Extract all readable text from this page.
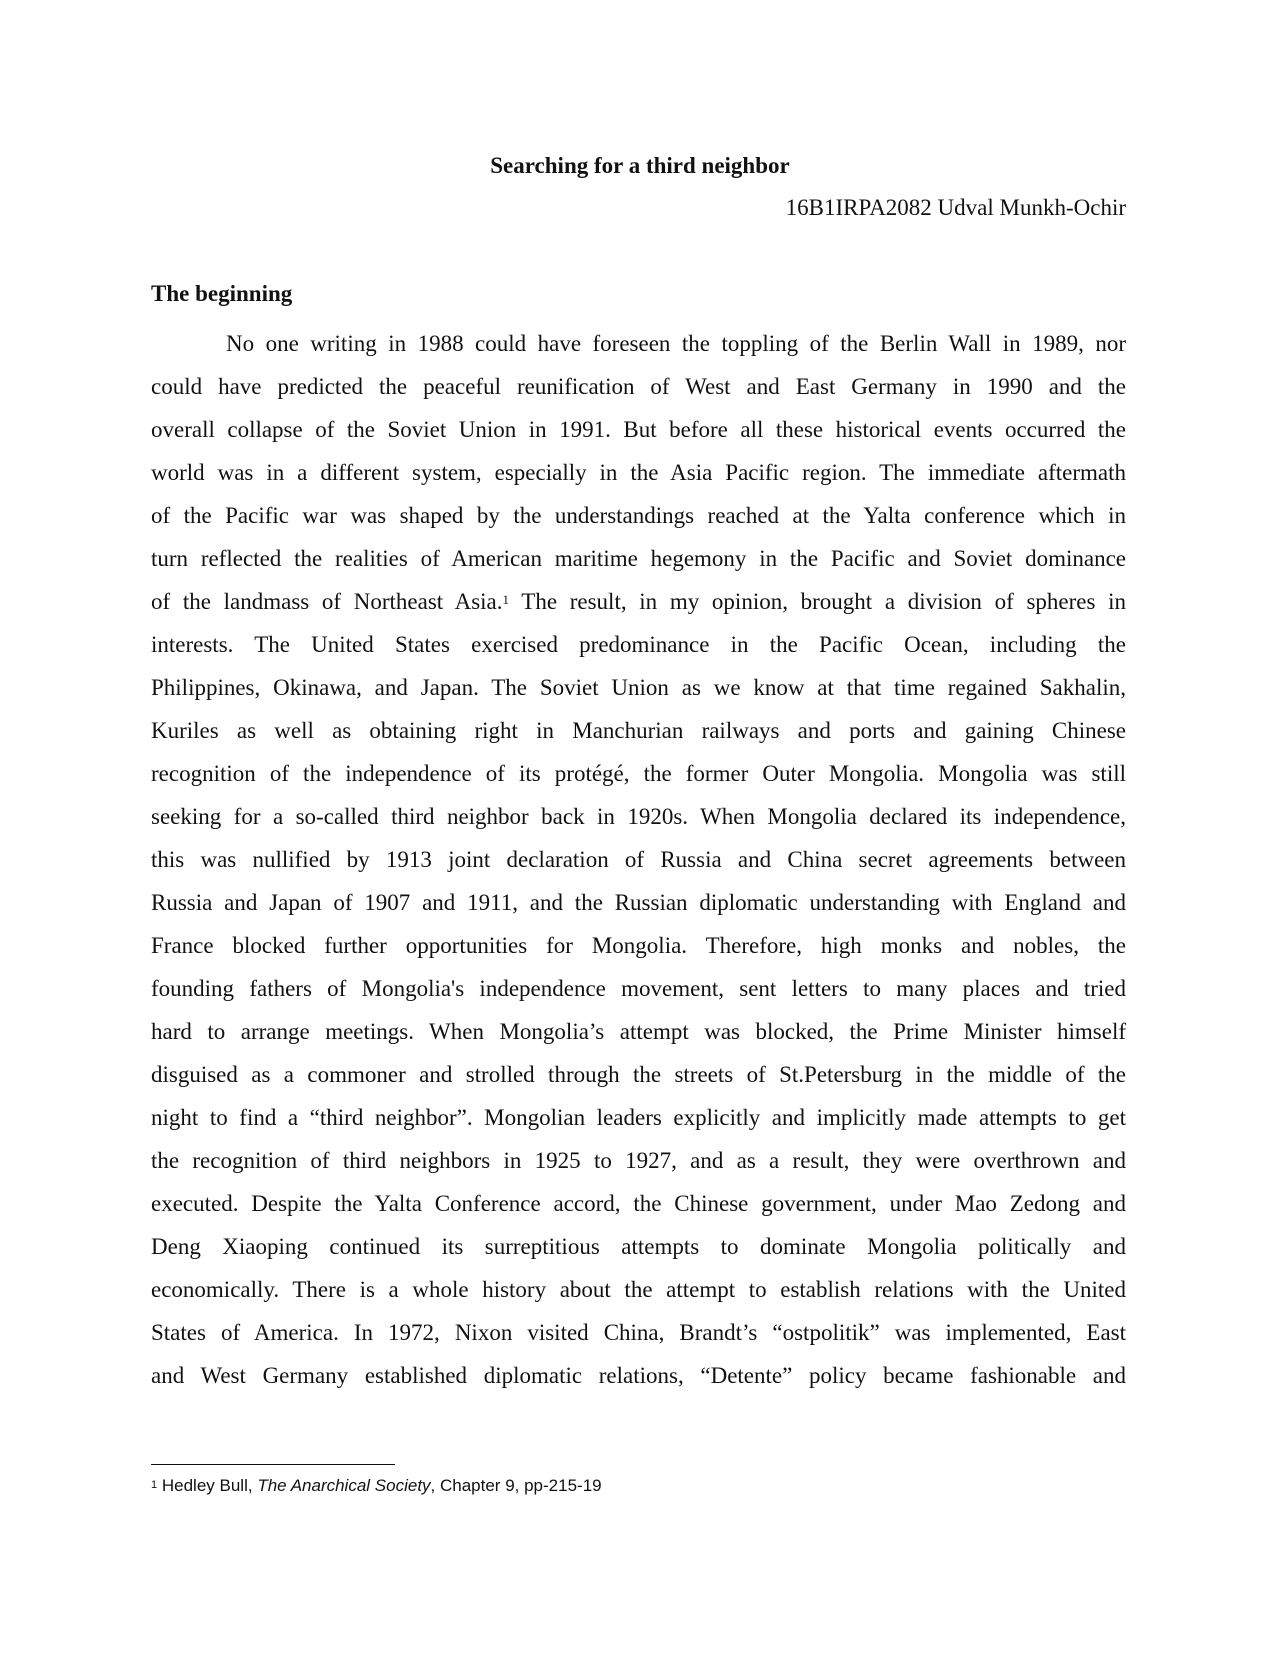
Searching for a third neighbor

16B1IRPA2082 Udval Munkh-Ochir

The beginning
No one writing in 1988 could have foreseen the toppling of the Berlin Wall in 1989, nor
could have predicted the peaceful reunification of West and East Germany in 1990 and the
overall collapse of the Soviet Union in 1991. But before all these historical events occurred the
world was in a different system, especially in the Asia Pacific region. The immediate aftermath
of the Pacific war was shaped by the understandings reached at the Yalta conference which in
turn reflected the realities of American maritime hegemony in the Pacific and Soviet dominance
of the landmass of Northeast Asia.$^1$ The result, in my opinion, brought a division of spheres in
interests. The United States exercised predominance in the Pacific Ocean, including the
Philippines, Okinawa, and Japan. The Soviet Union as we know at that time regained Sakhalin,
Kuriles as well as obtaining right in Manchurian railways and ports and gaining Chinese
recognition of the independence of its protégé, the former Outer Mongolia. Mongolia was still
seeking for a so-called third neighbor back in 1920s. When Mongolia declared its independence,
this was nullified by 1913 joint declaration of Russia and China secret agreements between
Russia and Japan of 1907 and 1911, and the Russian diplomatic understanding with England and
France blocked further opportunities for Mongolia. Therefore, high monks and nobles, the
founding fathers of Mongolia's independence movement, sent letters to many places and tried
hard to arrange meetings. When Mongolia’s attempt was blocked, the Prime Minister himself
disguised as a commoner and strolled through the streets of St.Petersburg in the middle of the
night to find a “third neighbor”. Mongolian leaders explicitly and implicitly made attempts to get
the recognition of third neighbors in 1925 to 1927, and as a result, they were overthrown and
executed. Despite the Yalta Conference accord, the Chinese government, under Mao Zedong and
Deng Xiaoping continued its surreptitious attempts to dominate Mongolia politically and
economically. There is a whole history about the attempt to establish relations with the United
States of America. In 1972, Nixon visited China, Brandt’s “ostpolitik” was implemented, East
and West Germany established diplomatic relations, “Detente” policy became fashionable and

$^1$ Hedley Bull, The Anarchical Society, Chapter 9, pp-215-19
